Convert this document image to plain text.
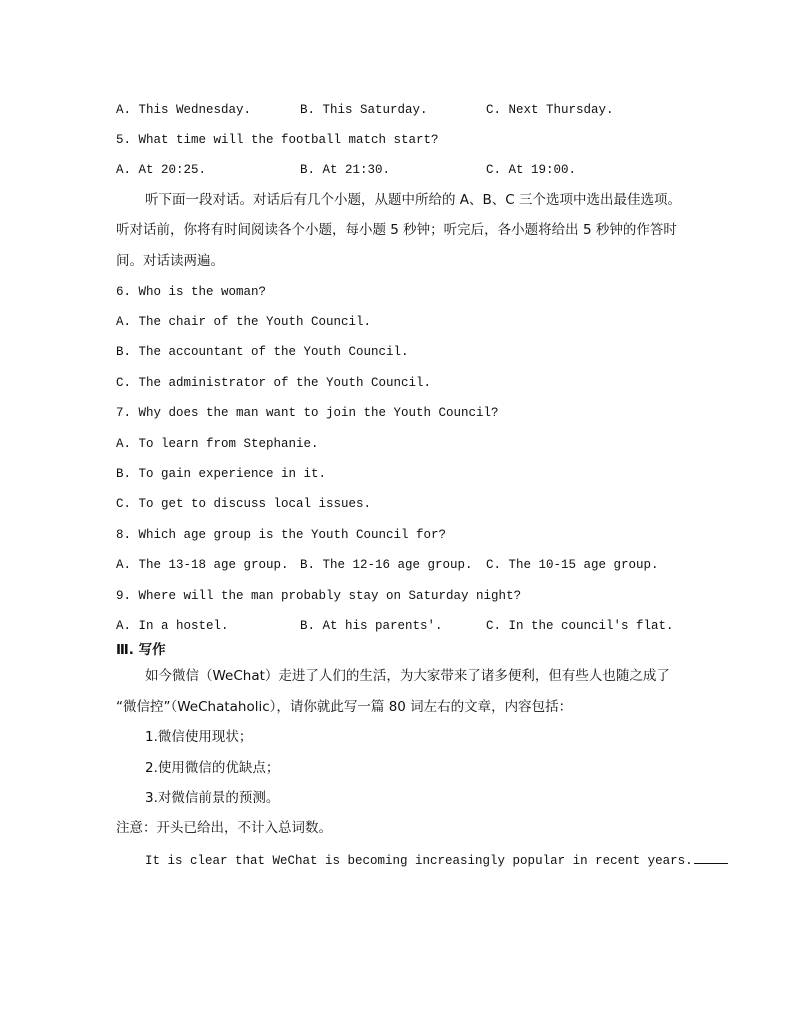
A. This Wednesday.	B. This Saturday.	C. Next Thursday.
5. What time will the football match start?
A. At 20:25.	B. At 21:30.	C. At 19:00.
听下面一段对话。对话后有几个小题，从题中所给的 A、B、C 三个选项中选出最佳选项。
听对话前，你将有时间阅读各个小题，每小题 5 秒钟；听完后，各小题将给出 5 秒钟的作答时
间。对话读两遍。
6. Who is the woman?
A. The chair of the Youth Council.
B. The accountant of the Youth Council.
C. The administrator of the Youth Council.
7. Why does the man want to join the Youth Council?
A. To learn from Stephanie.
B. To gain experience in it.
C. To get to discuss local issues.
8. Which age group is the Youth Council for?
A. The 13-18 age group. B. The 12-16 age group. C. The 10-15 age group.
9. Where will the man probably stay on Saturday night?
A. In a hostel.	B. At his parents'.	C. In the council's flat.
Ⅲ. 写作
如今微信（WeChat）走进了人们的生活，为大家带来了诸多便利，但有些人也随之成了
“微信控”（WeChataholic），请你就此写一篇 80 词左右的文章，内容包括：
1.微信使用现状；
2.使用微信的优缺点；
3.对微信前景的预测。
注意：开头已给出，不计入总词数。
It is clear that WeChat is becoming increasingly popular in recent years.
